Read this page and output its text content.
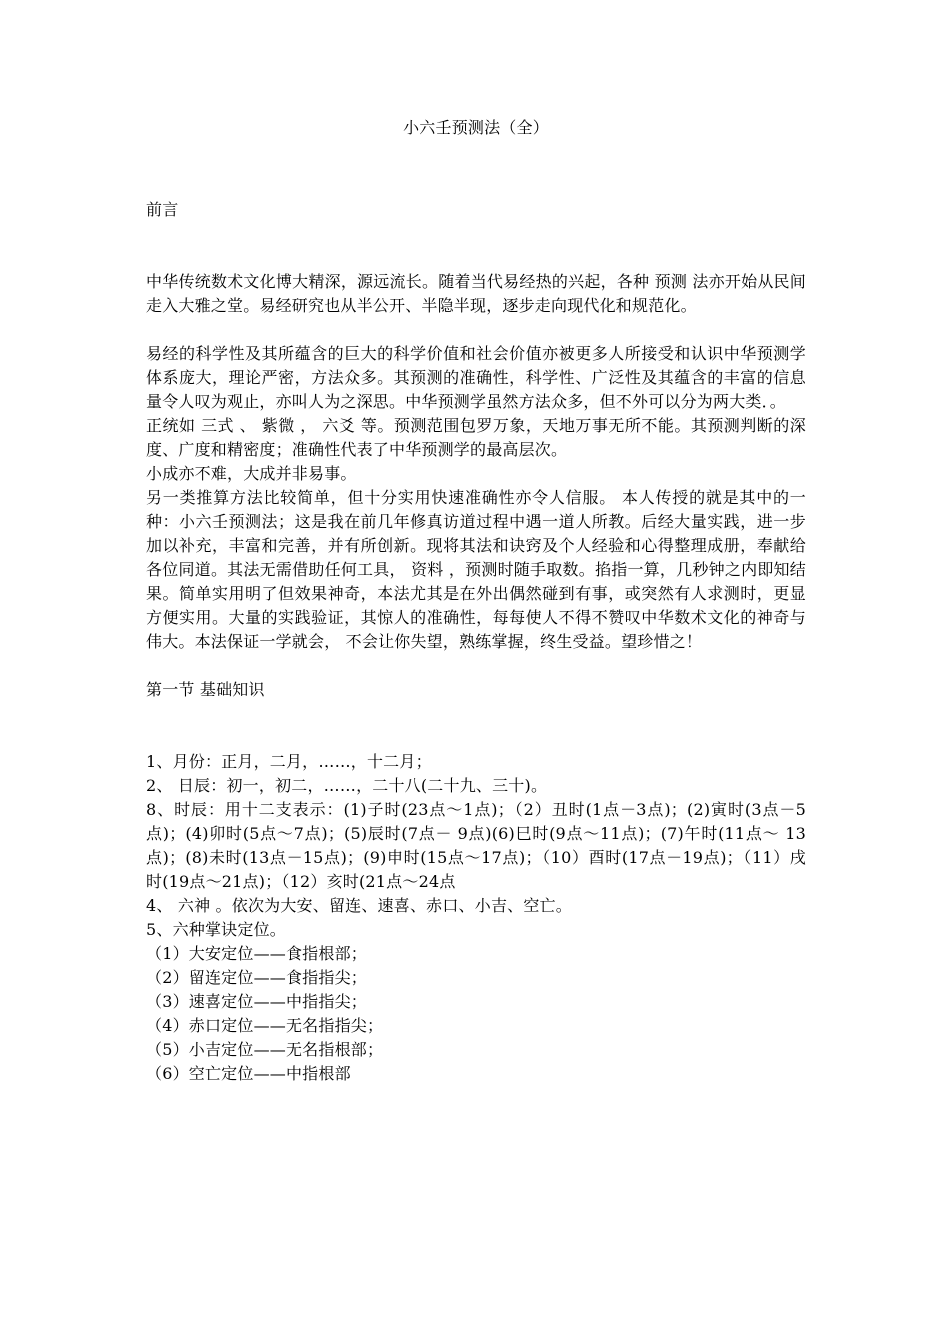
小六壬预测法（全）
前言

中华传统数术文化博大精深，源远流长。随着当代易经热的兴起，各种 预测 法亦开始从民间走入大雅之堂。易经研究也从半公开、半隐半现，逐步走向现代化和规范化。

易经的科学性及其所蕴含的巨大的科学价值和社会价值亦被更多人所接受和认识中华预测学体系庞大，理论严密，方法众多。其预测的准确性，科学性、广泛性及其蕴含的丰富的信息量令人叹为观止，亦叫人为之深思。中华预测学虽然方法众多，但不外可以分为两大类．。

正统如 三式 、 紫微 ， 六爻 等。预测范围包罗万象，天地万事无所不能。其预测判断的深度、广度和精密度；准确性代表了中华预测学的最高层次。

小成亦不难，大成并非易事。

另一类推算方法比较简单，但十分实用快速准确性亦令人信服。 本人传授的就是其中的一种：小六壬预测法；这是我在前几年修真访道过程中遇一道人所教。后经大量实践，进一步加以补充，丰富和完善，并有所创新。现将其法和诀窍及个人经验和心得整理成册，奉献给各位同道。其法无需借助任何工具， 资料 ，预测时随手取数。掐指一算，几秒钟之内即知结果。简单实用明了但效果神奇，本法尤其是在外出偶然碰到有事，或突然有人求测时，更显方便实用。大量的实践验证，其惊人的准确性，每每使人不得不赞叹中华数术文化的神奇与伟大。本法保证一学就会， 不会让你失望，熟练掌握，终生受益。望珍惜之！

第一节 基础知识

1、月份：正月，二月，……，十二月；

2、 日辰：初一，初二，……，二十八(二十九、三十)。

8、时辰：用十二支表示：(1)子时(23点～1点)；（2）丑时(1点－3点)；(2)寅时(3点－5点)；(4)卯时(5点～7点)；(5)辰时(7点－ 9点)(6)巳时(9点～11点)；(7)午时(11点～ 13点)；(8)未时(13点－15点)；(9)申时(15点～17点)；（10）酉时(17点－19点)；（11）戌时(19点～21点)；（12）亥时(21点～24点

4、 六神 。依次为大安、留连、速喜、赤口、小吉、空亡。

5、六种掌诀定位。

（1）大安定位——食指根部；

（2）留连定位——食指指尖；

（3）速喜定位——中指指尖；

（4）赤口定位——无名指指尖；

（5）小吉定位——无名指根部；

（6）空亡定位——中指根部
